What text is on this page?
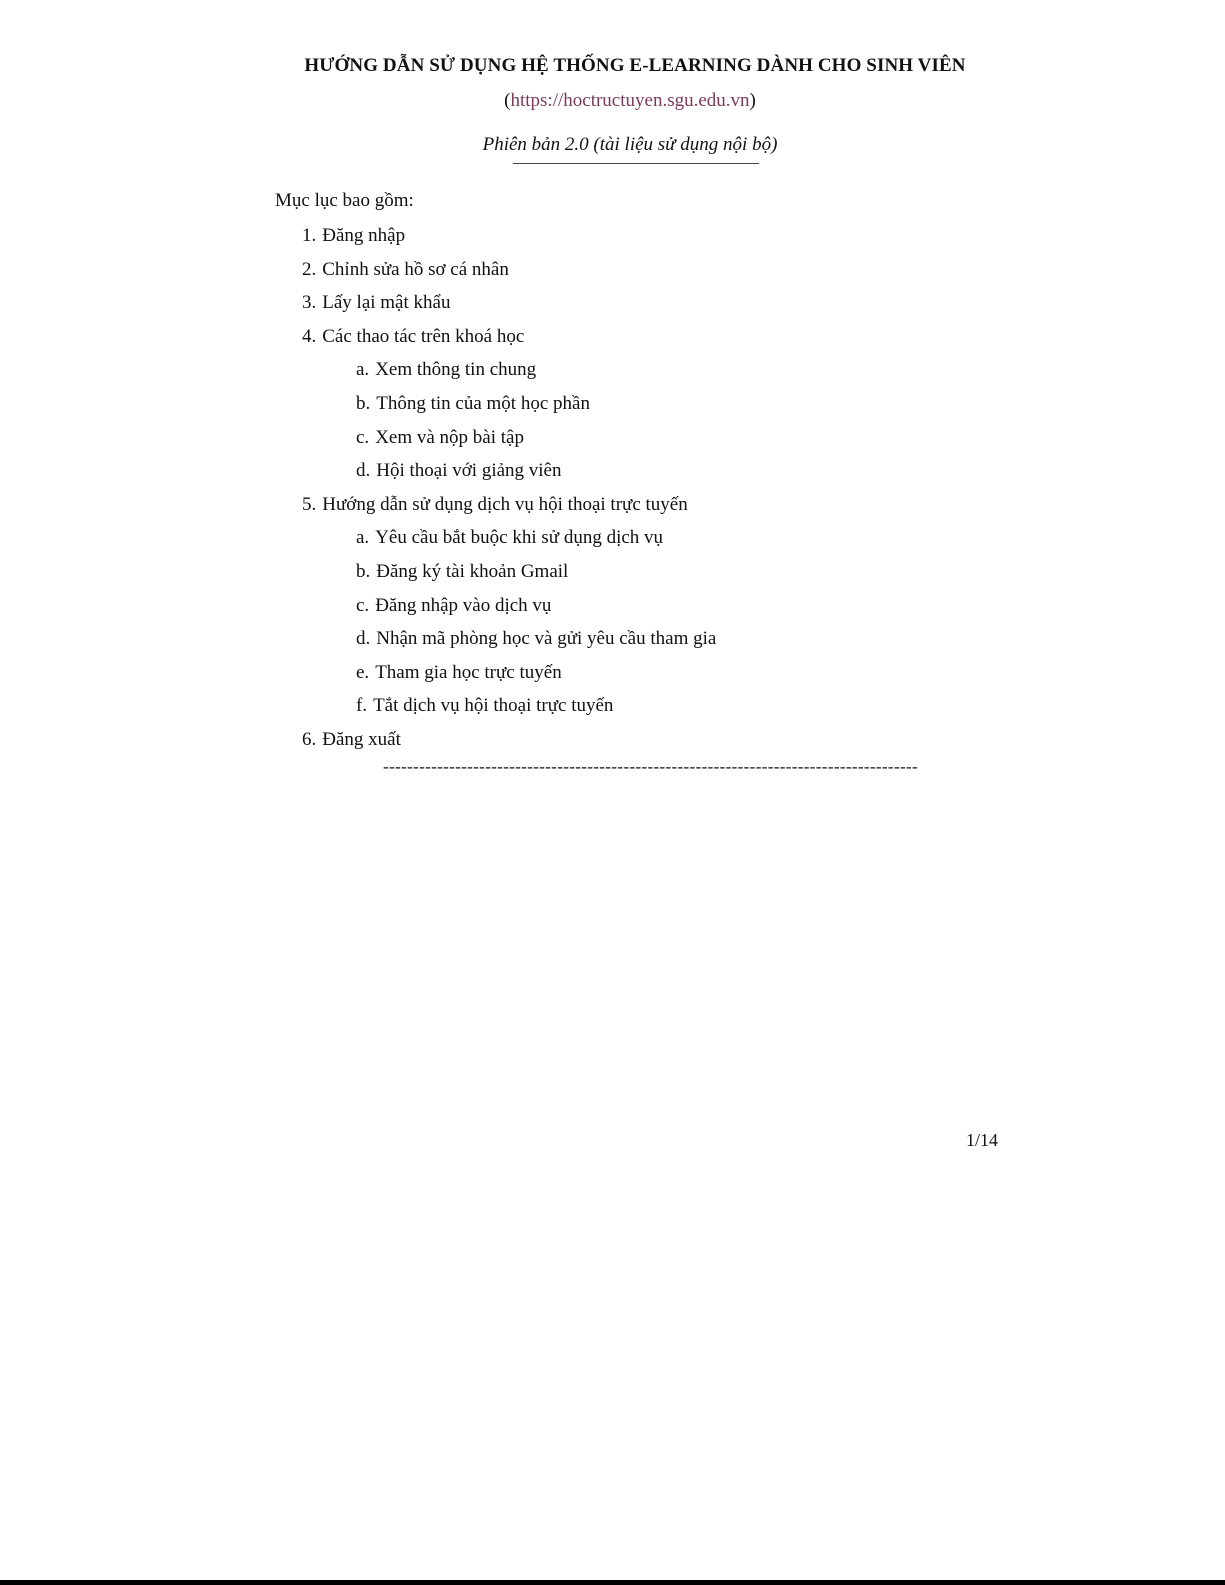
HƯỚNG DẪN SỬ DỤNG HỆ THỐNG E-LEARNING DÀNH CHO SINH VIÊN
(https://hoctructuyen.sgu.edu.vn)
Phiên bản 2.0 (tài liệu sử dụng nội bộ)
Mục lục bao gồm:
1. Đăng nhập
2. Chỉnh sửa hồ sơ cá nhân
3. Lấy lại mật khẩu
4. Các thao tác trên khoá học
a. Xem thông tin chung
b. Thông tin của một học phần
c. Xem và nộp bài tập
d. Hội thoại với giảng viên
5. Hướng dẫn sử dụng dịch vụ hội thoại trực tuyến
a. Yêu cầu bắt buộc khi sử dụng dịch vụ
b. Đăng ký tài khoản Gmail
c. Đăng nhập vào dịch vụ
d. Nhận mã phòng học và gửi yêu cầu tham gia
e. Tham gia học trực tuyến
f. Tắt dịch vụ hội thoại trực tuyến
6. Đăng xuất
-----------------------------------------------------------------------------------------
1/14
